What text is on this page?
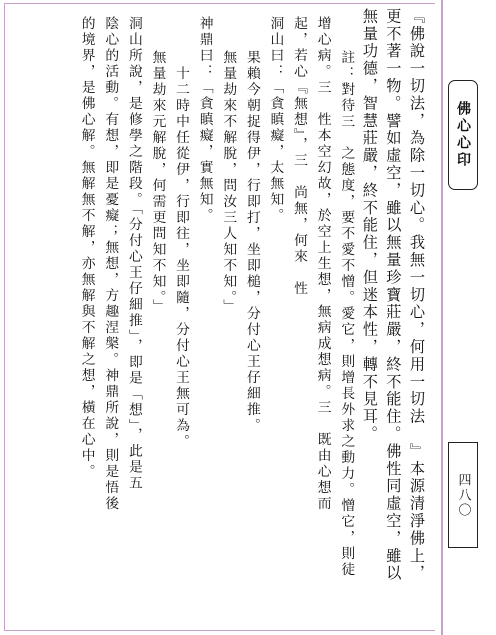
佛心心印
四八〇
『佛說一切法，為除一切心。我無一切心，何用一切法　』本源清淨佛上，
更不著一物。譬如虛空，雖以無量珍寶莊嚴，終不能住。佛性同虛空，雖以
無量功德，智慧莊嚴，終不能住，但迷本性，轉不見耳。
註：對待三　之態度，要不愛不憎。愛它，則增長外求之動力。憎它，則徒
增心病。三　性本空幻故，於空上生想，無病成想病。三　既由心想而
起，若心『無想』，三　尚無，何來　性
洞山曰：「貪瞋癡，太無知。
果賴今朝捉得伊，行即打，坐即槌，分付心王仔細推。
無量劫來不解脫，問汝三人知不知。」
神鼎曰：「貪瞋癡，實無知。
十二時中任從伊，行即往，坐即隨，分付心王無可為。
無量劫來元解脫，何需更問知不知。」
洞山所說，是修學之階段。「分付心王仔細推」，即是「想」，此是五
陰心的活動。有想，即是憂癡；無想，方趣涅槃。神鼎所說，則是悟後
的境界，是佛心解。無解無不解，亦無解與不解之想，橫在心中。
